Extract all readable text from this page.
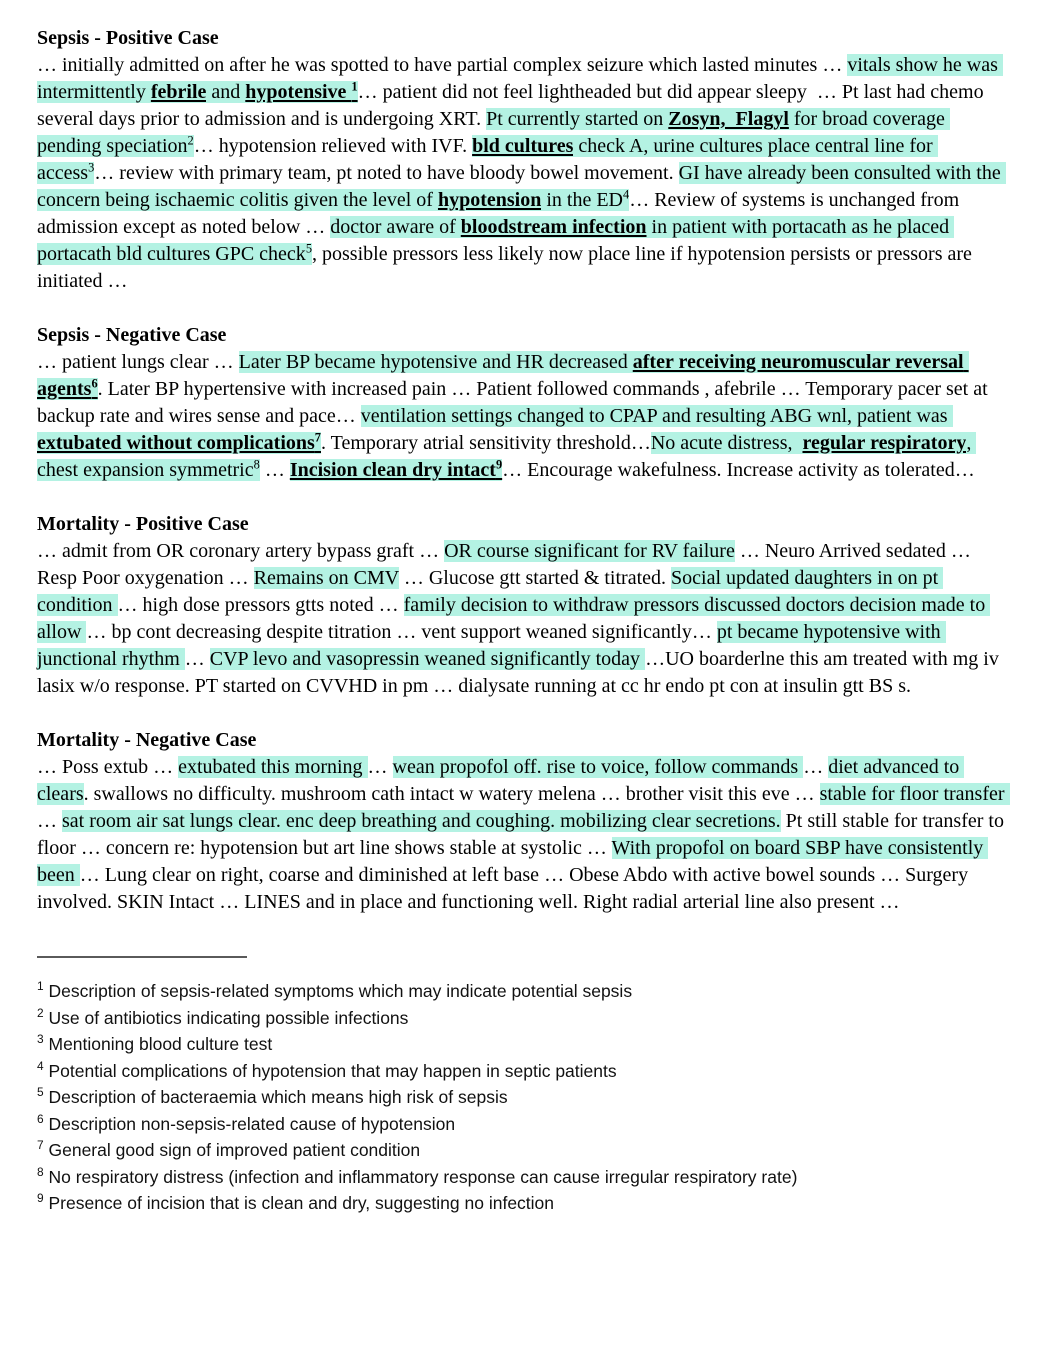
Sepsis - Positive Case

… initially admitted on after he was spotted to have partial complex seizure which lasted minutes … vitals show he was intermittently febrile and hypotensive $^1$… patient did not feel lightheaded but did appear sleepy  … Pt last had chemo several days prior to admission and is undergoing XRT. Pt currently started on Zosyn,  Flagyl for broad coverage pending speciation$^2$… hypotension relieved with IVF. bld cultures check A, urine cultures place central line for access$^3$… review with primary team, pt noted to have bloody bowel movement. GI have already been consulted with the concern being ischaemic colitis given the level of hypotension in the $ED^4\dots$ Review of systems is unchanged from admission except as noted below … doctor aware of bloodstream infection in patient with portacath as he placed portacath bld cultures GPC check$^5$, possible pressors less likely now place line if hypotension persists or pressors are initiated …

Sepsis - Negative Case

… patient lungs clear … Later BP became hypotensive and HR decreased after receiving neuromuscular reversal agents$^6$. Later BP hypertensive with increased pain … Patient followed commands , afebrile … Temporary pacer set at backup rate and wires sense and pace… ventilation settings changed to CPAP and resulting ABG wnl, patient was extubated without complications$^7$. Temporary atrial sensitivity threshold…No acute distress,  regular respiratory, chest expansion symmetric$^8$ … Incision clean dry intact$^9$… Encourage wakefulness. Increase activity as tolerated…

Mortality - Positive Case

… admit from OR coronary artery bypass graft … OR course significant for RV failure … Neuro Arrived sedated … Resp Poor oxygenation … Remains on CMV … Glucose gtt started & titrated. Social updated daughters in on pt condition … high dose pressors gtts noted … family decision to withdraw pressors discussed doctors decision made to allow … bp cont decreasing despite titration … vent support weaned significantly… pt became hypotensive with junctional rhythm … CVP levo and vasopressin weaned significantly today …UO boarderlne this am treated with mg iv lasix w/o response. PT started on CVVHD in pm … dialysate running at cc hr endo pt con at insulin gtt BS s.

Mortality - Negative Case

… Poss extub … extubated this morning … wean propofol off. rise to voice, follow commands … diet advanced to clears. swallows no difficulty. mushroom cath intact w watery melena … brother visit this eve … stable for floor transfer … sat room air sat lungs clear. enc deep breathing and coughing. mobilizing clear secretions. Pt still stable for transfer to floor … concern re: hypotension but art line shows stable at systolic … With propofol on board SBP have consistently been … Lung clear on right, coarse and diminished at left base … Obese Abdo with active bowel sounds … Surgery involved. SKIN Intact … LINES and in place and functioning well. Right radial arterial line also present …

$^1$ Description of sepsis-related symptoms which may indicate potential sepsis
$^2$ Use of antibiotics indicating possible infections
$^3$ Mentioning blood culture test
$^4$ Potential complications of hypotension that may happen in septic patients
$^5$ Description of bacteraemia which means high risk of sepsis
$^6$ Description non-sepsis-related cause of hypotension
$^7$ General good sign of improved patient condition
$^8$ No respiratory distress (infection and inflammatory response can cause irregular respiratory rate)
$^9$ Presence of incision that is clean and dry, suggesting no infection
